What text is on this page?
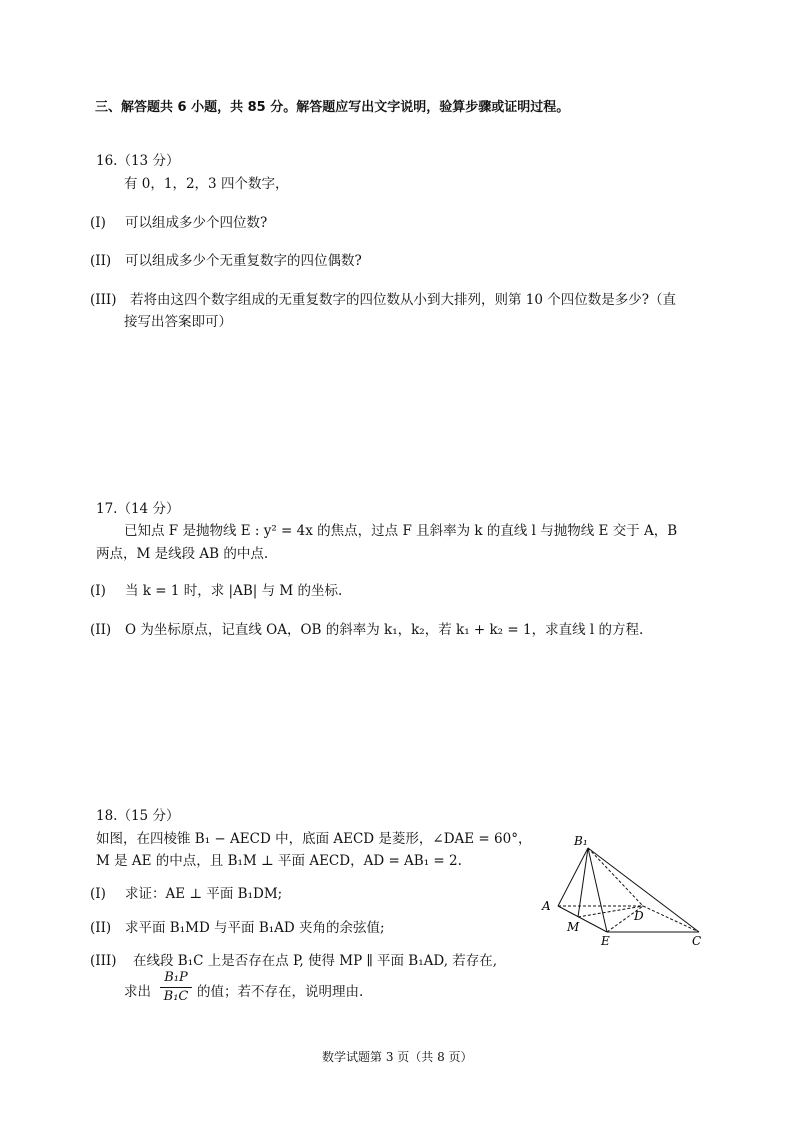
三、解答题共 6 小题，共 85 分。解答题应写出文字说明，验算步骤或证明过程。
16.（13 分）
有 0，1，2，3 四个数字，
(I) 可以组成多少个四位数?
(II) 可以组成多少个无重复数字的四位偶数?
(III) 若将由这四个数字组成的无重复数字的四位数从小到大排列，则第 10 个四位数是多少?（直
接写出答案即可）
17.（14 分）
已知点 F 是抛物线 E : y² = 4x 的焦点，过点 F 且斜率为 k 的直线 l 与抛物线 E 交于 A，B
两点，M 是线段 AB 的中点.
(I) 当 k = 1 时，求 |AB| 与 M 的坐标.
(II) O 为坐标原点，记直线 OA，OB 的斜率为 k₁，k₂，若 k₁ + k₂ = 1，求直线 l 的方程.
18.（15 分）
如图，在四棱锥 B₁ − AECD 中，底面 AECD 是菱形，∠DAE = 60°，
M 是 AE 的中点，且 B₁M ⊥ 平面 AECD，AD = AB₁ = 2.
(I) 求证：AE ⊥ 平面 B₁DM;
(II) 求平面 B₁MD 与平面 B₁AD 夹角的余弦值;
(III) 在线段 B₁C 上是否存在点 P, 使得 MP ∥ 平面 B₁AD, 若存在,
求出
B₁P
B₁C 的值；若不存在，说明理由.
B₁
A
D
M
E	C
数学试题第 3 页（共 8 页）
